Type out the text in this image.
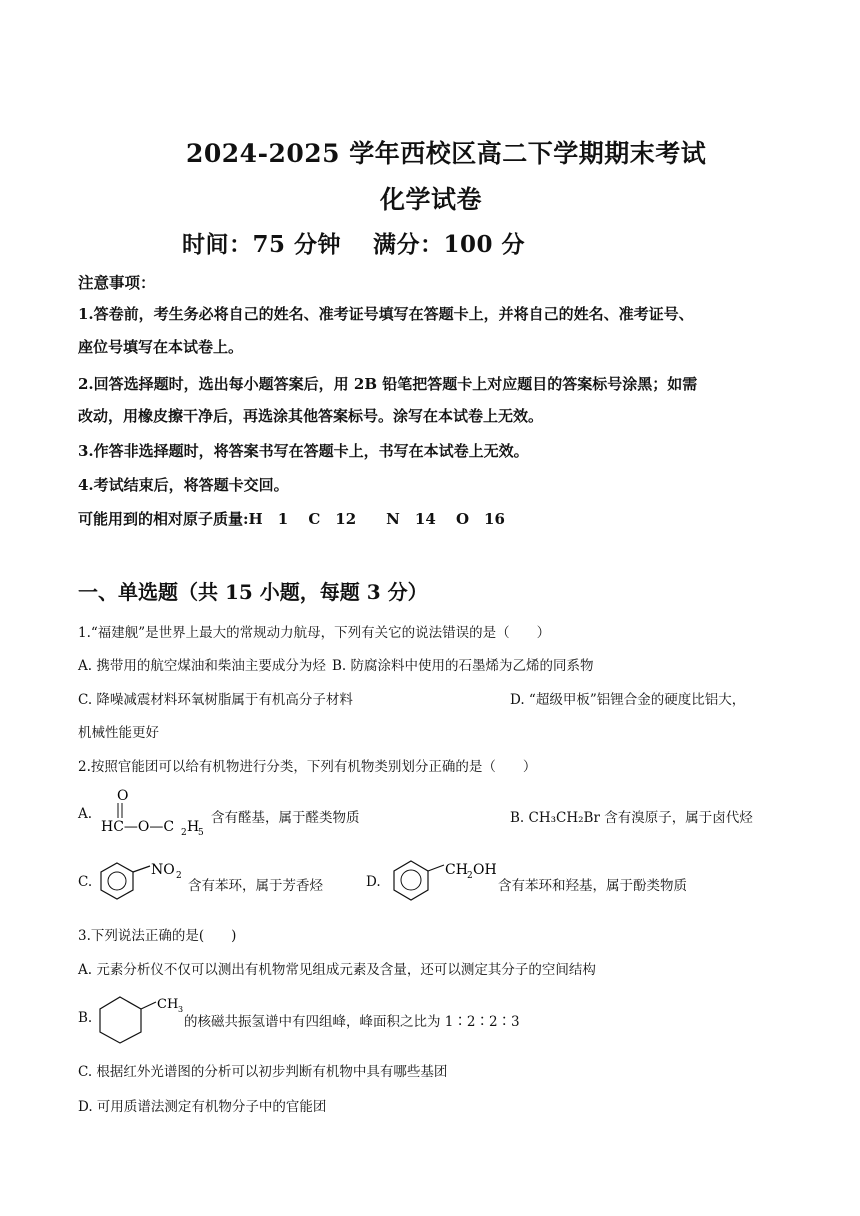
2024-2025 学年西校区高二下学期期末考试
化学试卷
时间：75 分钟　 满分：100 分
注意事项：
1.答卷前，考生务必将自己的姓名、准考证号填写在答题卡上，并将自己的姓名、准考证号、
座位号填写在本试卷上。
2.回答选择题时，选出每小题答案后，用 2B 铅笔把答题卡上对应题目的答案标号涂黑；如需
改动，用橡皮擦干净后，再选涂其他答案标号。涂写在本试卷上无效。
3.作答非选择题时，将答案书写在答题卡上，书写在本试卷上无效。
4.考试结束后，将答题卡交回。
可能用到的相对原子质量:H　1　 C　12　　N　14　 O　16
一、单选题（共 15 小题，每题 3 分）
1.“福建舰”是世界上最大的常规动力航母，下列有关它的说法错误的是（　　）
A. 携带用的航空煤油和柴油主要成分为烃 B. 防腐涂料中使用的石墨烯为乙烯的同系物
C. 降噪减震材料环氧树脂属于有机高分子材料	D. “超级甲板”铝锂合金的硬度比铝大，
机械性能更好
2.按照官能团可以给有机物进行分类，下列有机物类别划分正确的是（　　）
A.
O
HC—O—C 2 H
5
含有醛基，属于醛类物质	B. CH₃CH₂Br 含有溴原子，属于卤代烃
C.
NO 2
含有苯环，属于芳香烃	D.
CH 2 OH
含有苯环和羟基，属于酚类物质
3.下列说法正确的是(　　)
A. 元素分析仪不仅可以测出有机物常见组成元素及含量，还可以测定其分子的空间结构
B.
CH 3
的核磁共振氢谱中有四组峰，峰面积之比为 1∶2∶2∶3
C. 根据红外光谱图的分析可以初步判断有机物中具有哪些基团
D. 可用质谱法测定有机物分子中的官能团
